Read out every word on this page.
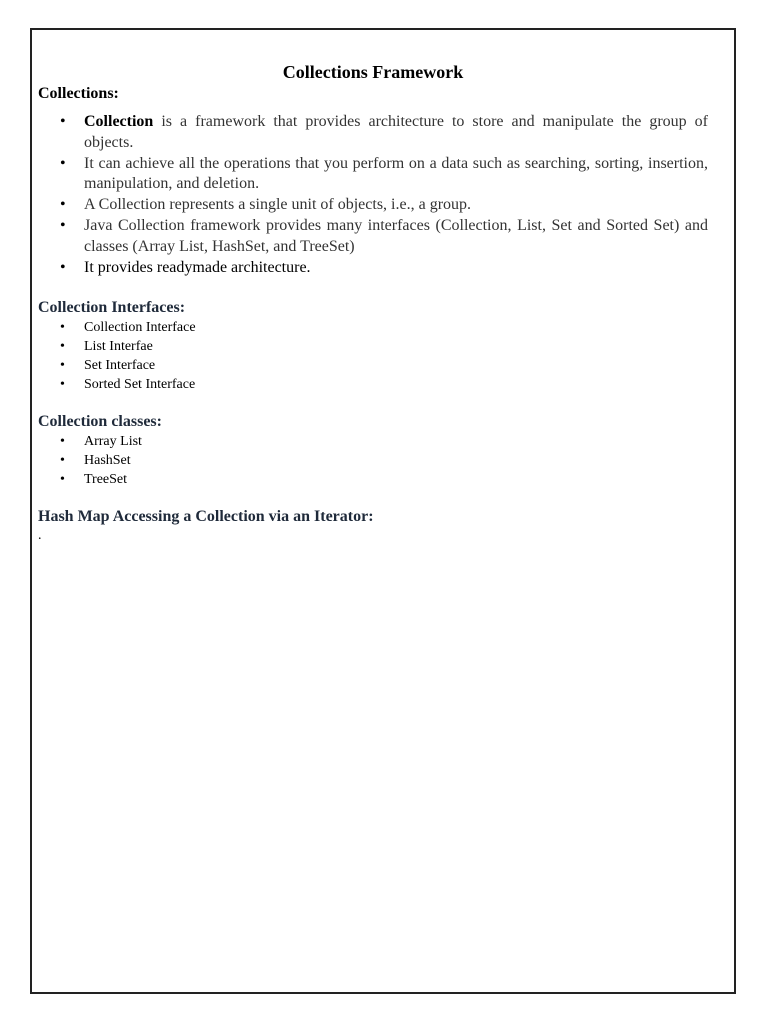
Collections Framework
Collections:
• Collection is a framework that provides architecture to store and manipulate the group of objects.
• It can achieve all the operations that you perform on a data such as searching, sorting, insertion, manipulation, and deletion.
• A Collection represents a single unit of objects, i.e., a group.
• Java Collection framework provides many interfaces (Collection, List, Set and Sorted Set) and classes (Array List, HashSet, and TreeSet)
• It provides readymade architecture.
Collection Interfaces:
• Collection Interface
• List Interfae
• Set Interface
• Sorted Set Interface
Collection classes:
• Array List
• HashSet
• TreeSet
Hash Map Accessing a Collection via an Iterator:
.
